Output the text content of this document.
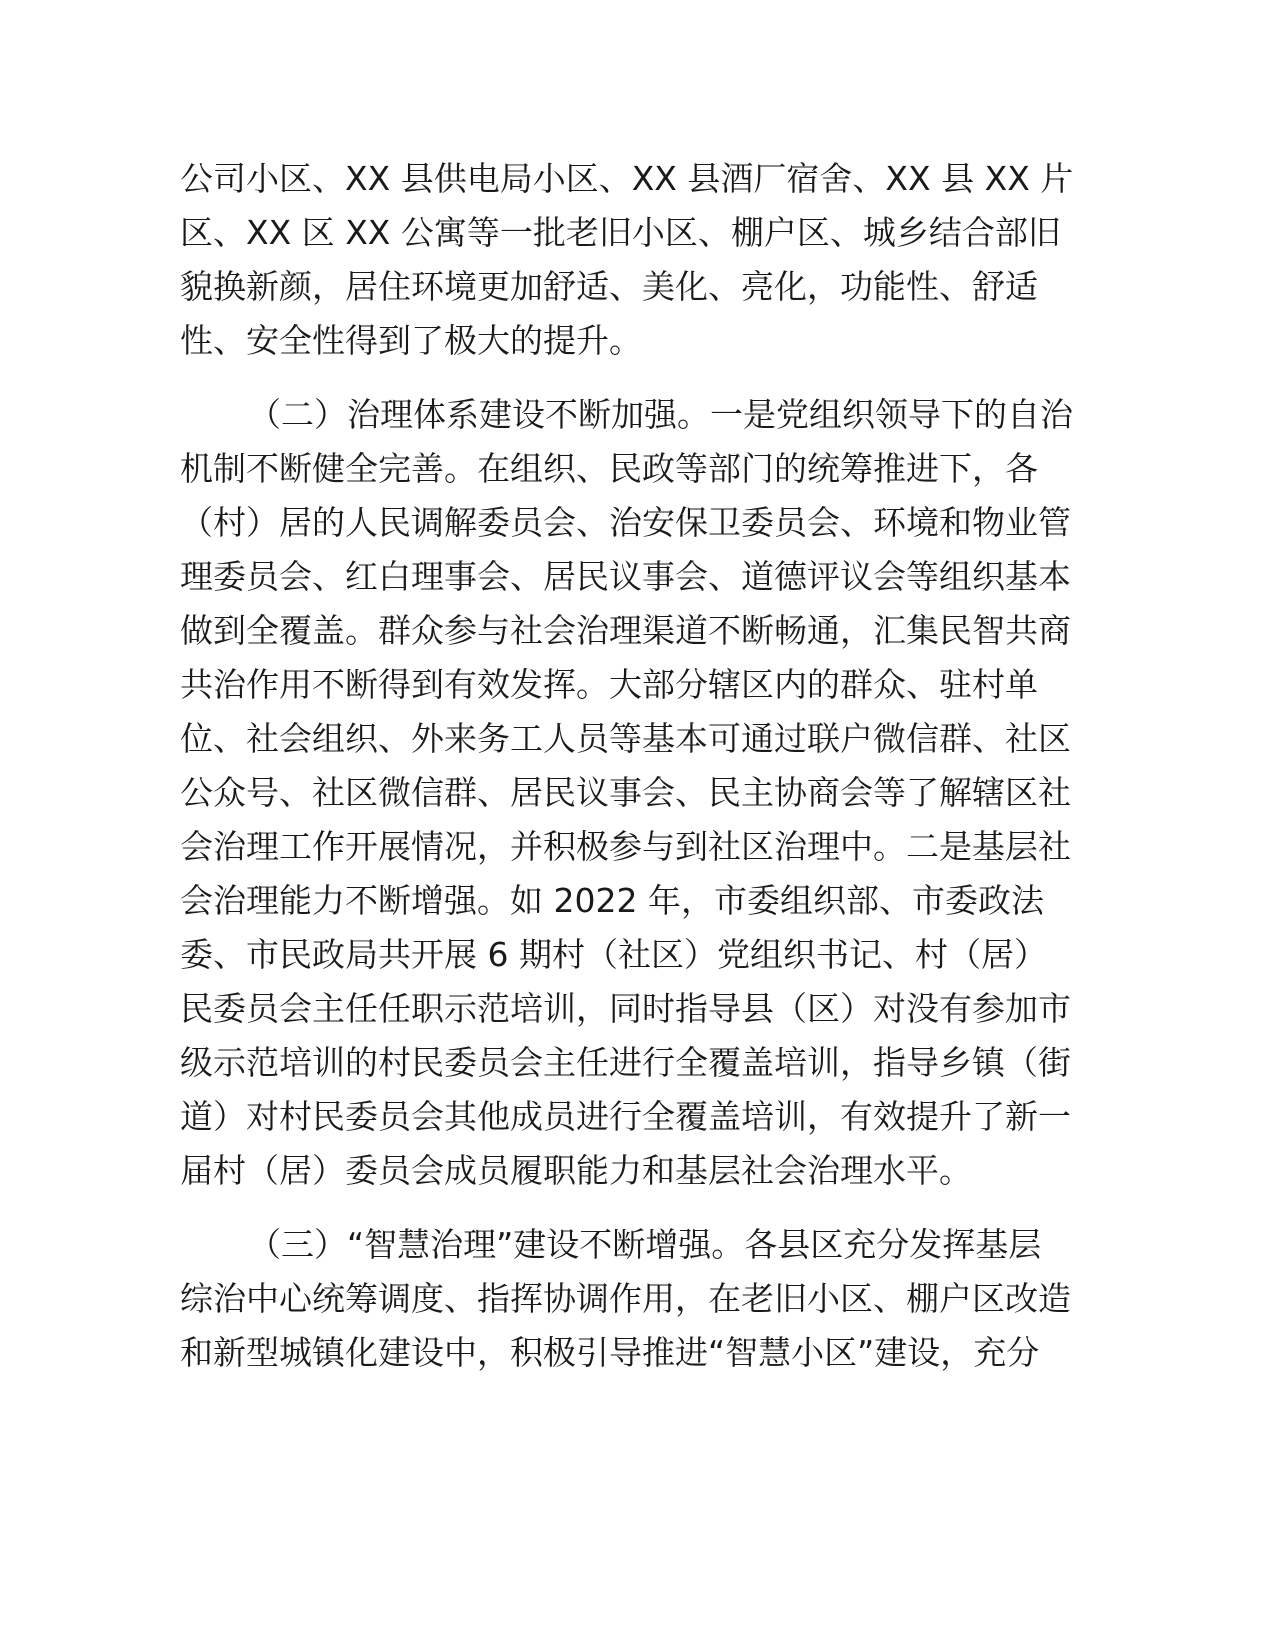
公司小区、XX 县供电局小区、XX 县酒厂宿舍、XX 县 XX 片
区、XX 区 XX 公寓等一批老旧小区、棚户区、城乡结合部旧
貌换新颜，居住环境更加舒适、美化、亮化，功能性、舒适
性、安全性得到了极大的提升。
（二）治理体系建设不断加强。一是党组织领导下的自治
机制不断健全完善。在组织、民政等部门的统筹推进下，各
（村）居的人民调解委员会、治安保卫委员会、环境和物业管
理委员会、红白理事会、居民议事会、道德评议会等组织基本
做到全覆盖。群众参与社会治理渠道不断畅通，汇集民智共商
共治作用不断得到有效发挥。大部分辖区内的群众、驻村单
位、社会组织、外来务工人员等基本可通过联户微信群、社区
公众号、社区微信群、居民议事会、民主协商会等了解辖区社
会治理工作开展情况，并积极参与到社区治理中。二是基层社
会治理能力不断增强。如 2022 年，市委组织部、市委政法
委、市民政局共开展 6 期村（社区）党组织书记、村（居）
民委员会主任任职示范培训，同时指导县（区）对没有参加市
级示范培训的村民委员会主任进行全覆盖培训，指导乡镇（街
道）对村民委员会其他成员进行全覆盖培训，有效提升了新一
届村（居）委员会成员履职能力和基层社会治理水平。
（三）“智慧治理”建设不断增强。各县区充分发挥基层
综治中心统筹调度、指挥协调作用，在老旧小区、棚户区改造
和新型城镇化建设中，积极引导推进“智慧小区”建设，充分
